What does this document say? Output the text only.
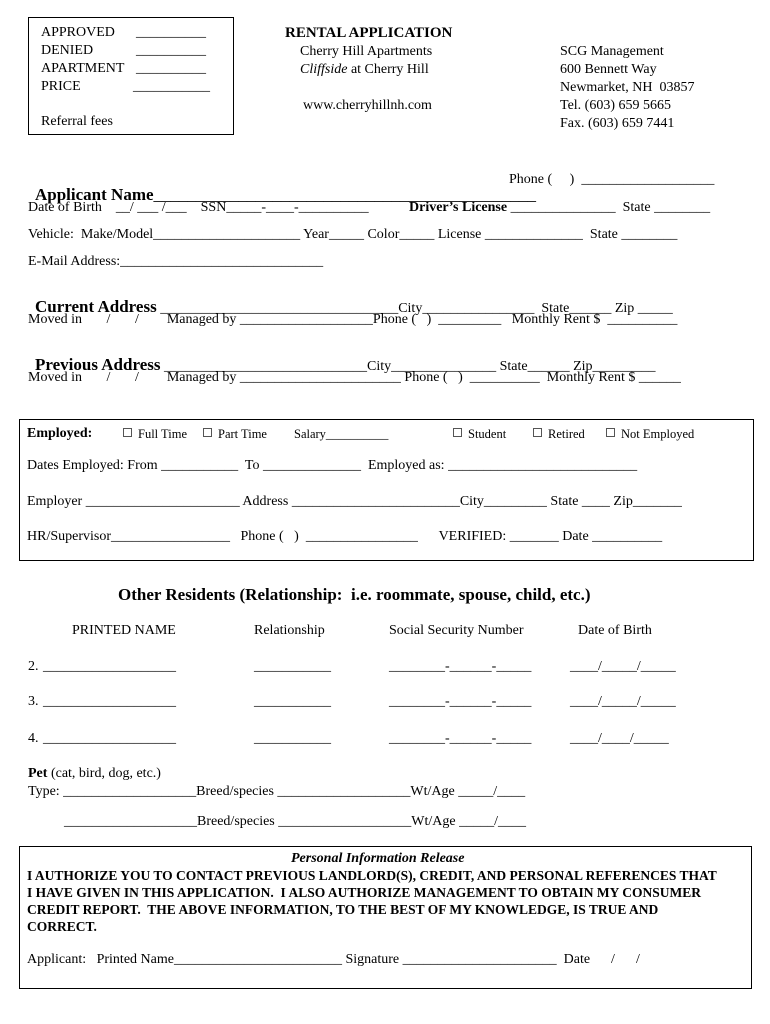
APPROVED __________
DENIED	__________
APARTMENT __________
PRICE	___________
Referral fees
RENTAL APPLICATION
Cherry Hill Apartments
Cliffside at Cherry Hill
www.cherryhillnh.com
SCG Management
600 Bennett Way
Newmarket, NH  03857
Tel. (603) 659 5665
Fax. (603) 659 7441

Applicant Name_____________________________________________

Phone (     )  ___________________
Date of Birth    __/ ___ /___    SSN_____-____-__________	Driver’s License _______________  State ________
Vehicle:  Make/Model_____________________ Year_____ Color_____ License ______________  State ________
E-Mail Address:_____________________________

Current Address __________________________________City________________  State______ Zip _____

Moved in       /       /        Managed by ___________________Phone (   )  _________   Monthly Rent $  __________

Previous Address _____________________________City_______________ State______ Zip_________

Moved in       /       /        Managed by _______________________ Phone (   )  __________  Monthly Rent $ ______
Employed:	Full Time	Part Time Salary__________	Student	Retired	Not Employed
Dates Employed: From ___________  To ______________  Employed as: ___________________________
Employer ______________________ Address ________________________City_________ State ____ Zip_______
HR/Supervisor_________________   Phone (   )  ________________      VERIFIED: _______ Date __________
Other Residents (Relationship:  i.e. roommate, spouse, child, etc.)
PRINTED NAME	Relationship	Social Security Number	Date of Birth
2. ___________________	___________	________-______-_____	____/_____/_____
3. ___________________	___________	________-______-_____	____/_____/_____
4. ___________________	___________	________-______-_____	____/____/_____
Pet (cat, bird, dog, etc.)
Type: ___________________Breed/species ___________________Wt/Age _____/____
___________________Breed/species ___________________Wt/Age _____/____
Personal Information Release
I AUTHORIZE YOU TO CONTACT PREVIOUS LANDLORD(S), CREDIT, AND PERSONAL REFERENCES THAT
I HAVE GIVEN IN THIS APPLICATION.  I ALSO AUTHORIZE MANAGEMENT TO OBTAIN MY CONSUMER
CREDIT REPORT.  THE ABOVE INFORMATION, TO THE BEST OF MY KNOWLEDGE, IS TRUE AND
CORRECT.
Applicant:   Printed Name________________________ Signature ______________________  Date      /      /
